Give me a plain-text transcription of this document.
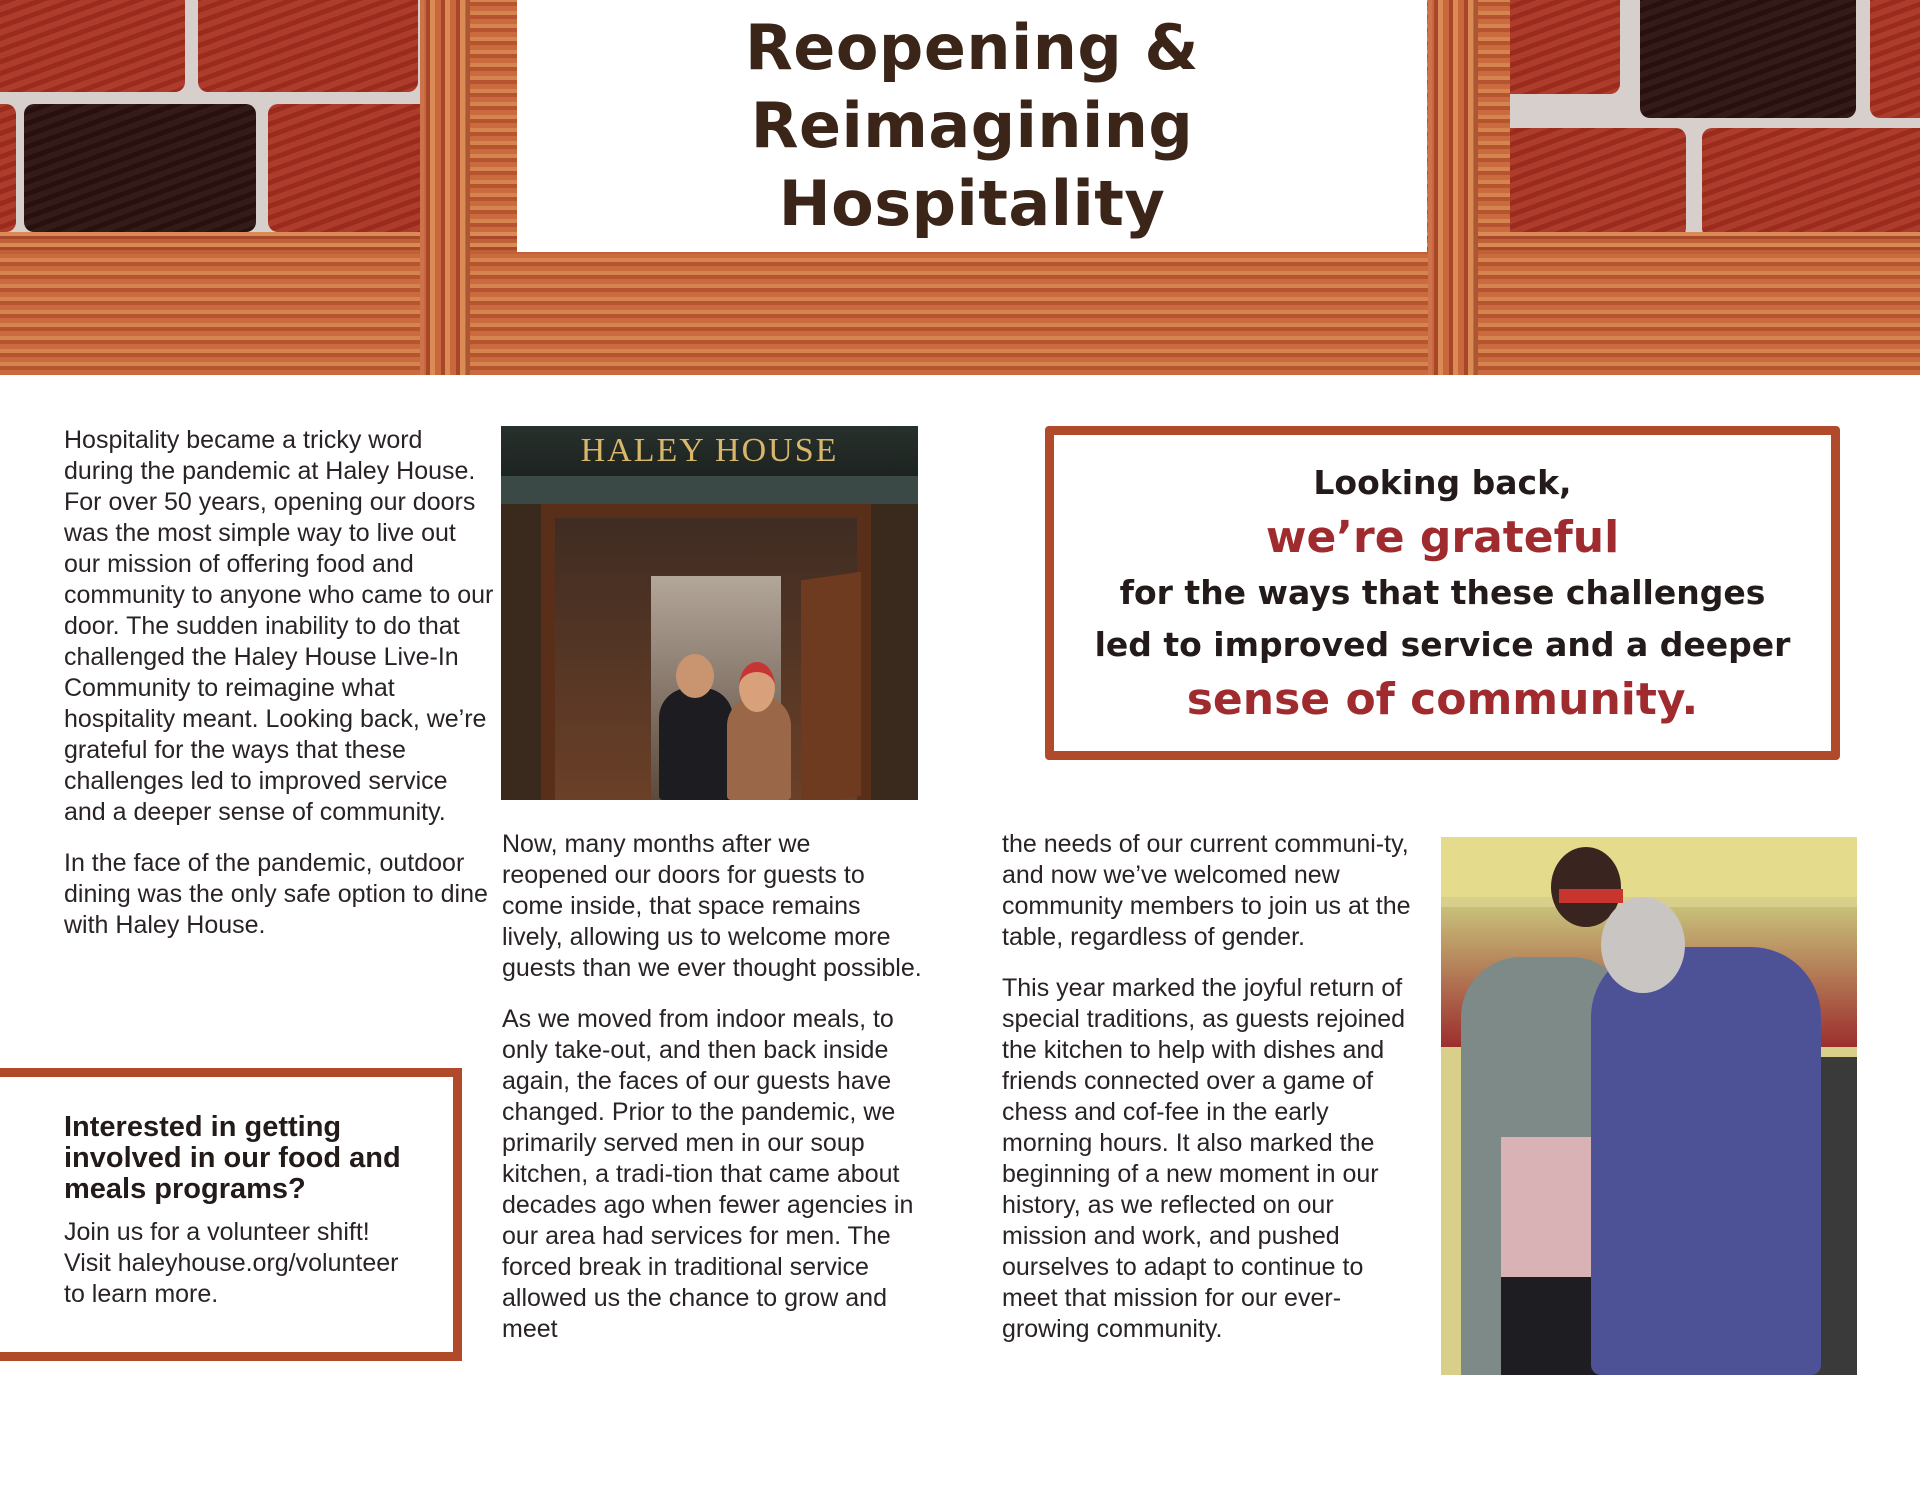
Reopening & Reimagining
Hospitality

Hospitality became a tricky word during the pandemic at Haley House. For over 50 years, opening our doors was the most simple way to live out our mission of offering food and community to anyone who came to our door. The sudden inability to do that challenged the Haley House Live-In Community to reimagine what hospitality meant. Looking back, we’re grateful for the ways that these challenges led to improved service and a deeper sense of community.

In the face of the pandemic, outdoor dining was the only safe option to dine with Haley House.

HALEY HOUSE
Looking back,
we’re grateful
for the ways that these challenges
led to improved service and a deeper
sense of community.

Now, many months after we reopened our doors for guests to come inside, that space remains lively, allowing us to welcome more guests than we ever thought possible.

As we moved from indoor meals, to only take-out, and then back inside again, the faces of our guests have changed. Prior to the pandemic, we primarily served men in our soup kitchen, a tradi-tion that came about decades ago when fewer agencies in our area had services for men. The forced break in traditional service allowed us the chance to grow and meet

the needs of our current communi-ty, and now we’ve welcomed new community members to join us at the table, regardless of gender.

This year marked the joyful return of special traditions, as guests rejoined the kitchen to help with dishes and friends connected over a game of chess and cof-fee in the early morning hours. It also marked the beginning of a new moment in our history, as we reflected on our mission and work, and pushed ourselves to adapt to continue to meet that mission for our ever-growing community.

Interested in getting
involved in our food and
meals programs?

Join us for a volunteer shift!
Visit haleyhouse.org/volunteer
to learn more.
